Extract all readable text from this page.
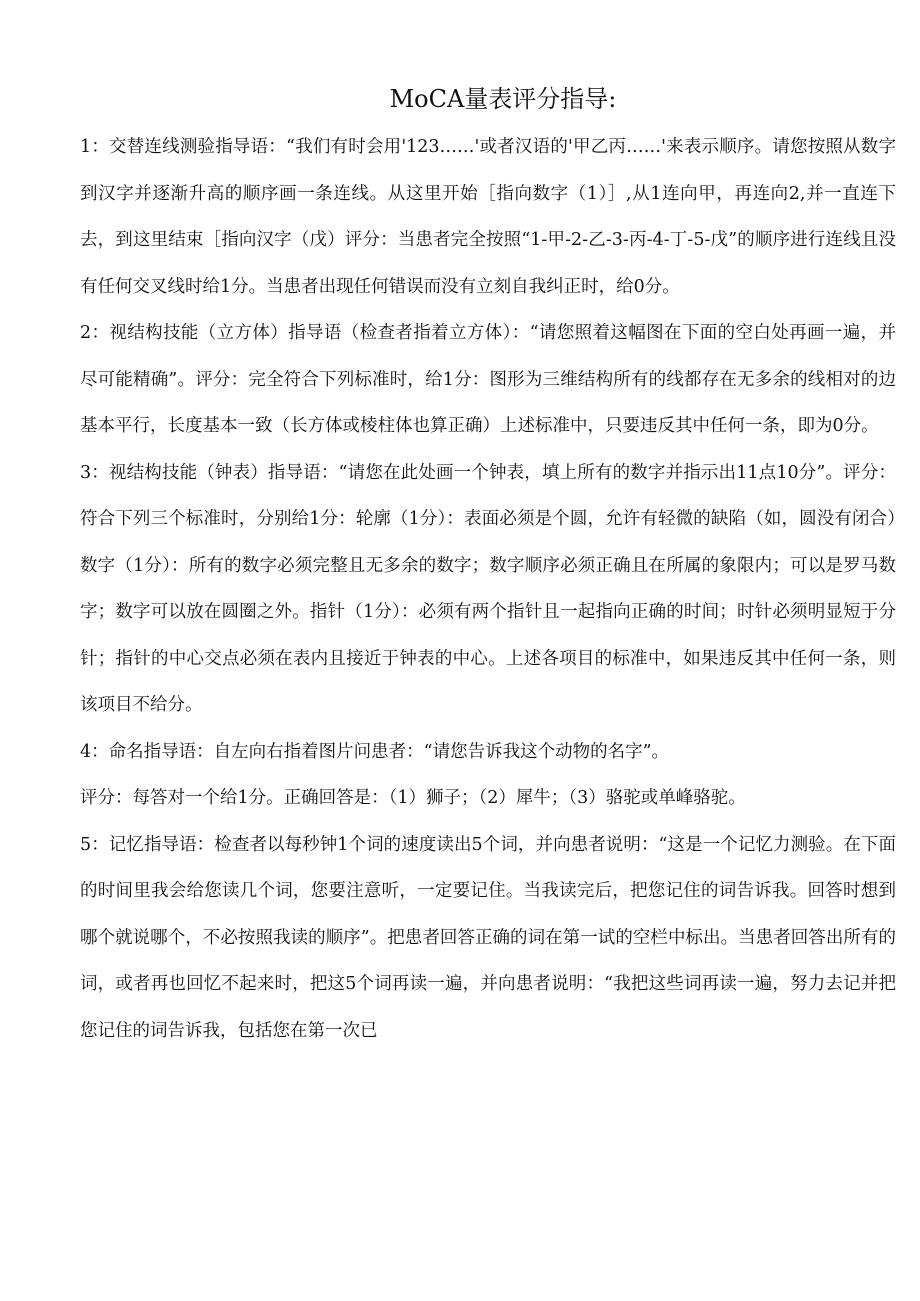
MoCA量表评分指导:

1：交替连线测验指导语：“我们有时会用'123……'或者汉语的'甲乙丙……'来表示顺序。请您按照从数字到汉字并逐渐升高的顺序画一条连线。从这里开始［指向数字（1）］,从1连向甲，再连向2,并一直连下去，到这里结束［指向汉字（戊）评分：当患者完全按照“1-甲-2-乙-3-丙-4-丁-5-戊”的顺序进行连线且没有任何交叉线时给1分。当患者出现任何错误而没有立刻自我纠正时，给0分。

2：视结构技能（立方体）指导语（检查者指着立方体）：“请您照着这幅图在下面的空白处再画一遍，并尽可能精确”。评分：完全符合下列标准时，给1分：图形为三维结构所有的线都存在无多余的线相对的边基本平行，长度基本一致（长方体或棱柱体也算正确）上述标准中，只要违反其中任何一条，即为0分。

3：视结构技能（钟表）指导语：“请您在此处画一个钟表，填上所有的数字并指示出11点10分”。评分：符合下列三个标准时，分别给1分：轮廓（1分）：表面必须是个圆，允许有轻微的缺陷（如，圆没有闭合）数字（1分）：所有的数字必须完整且无多余的数字；数字顺序必须正确且在所属的象限内；可以是罗马数字；数字可以放在圆圈之外。指针（1分）：必须有两个指针且一起指向正确的时间；时针必须明显短于分针；指针的中心交点必须在表内且接近于钟表的中心。上述各项目的标准中，如果违反其中任何一条，则该项目不给分。

4：命名指导语：自左向右指着图片问患者：“请您告诉我这个动物的名字”。

评分：每答对一个给1分。正确回答是：（1）狮子；（2）犀牛；（3）骆驼或单峰骆驼。

5：记忆指导语：检查者以每秒钟1个词的速度读出5个词，并向患者说明：“这是一个记忆力测验。在下面的时间里我会给您读几个词，您要注意听，一定要记住。当我读完后，把您记住的词告诉我。回答时想到哪个就说哪个，不必按照我读的顺序”。把患者回答正确的词在第一试的空栏中标出。当患者回答出所有的词，或者再也回忆不起来时，把这5个词再读一遍，并向患者说明：“我把这些词再读一遍，努力去记并把您记住的词告诉我，包括您在第一次已
